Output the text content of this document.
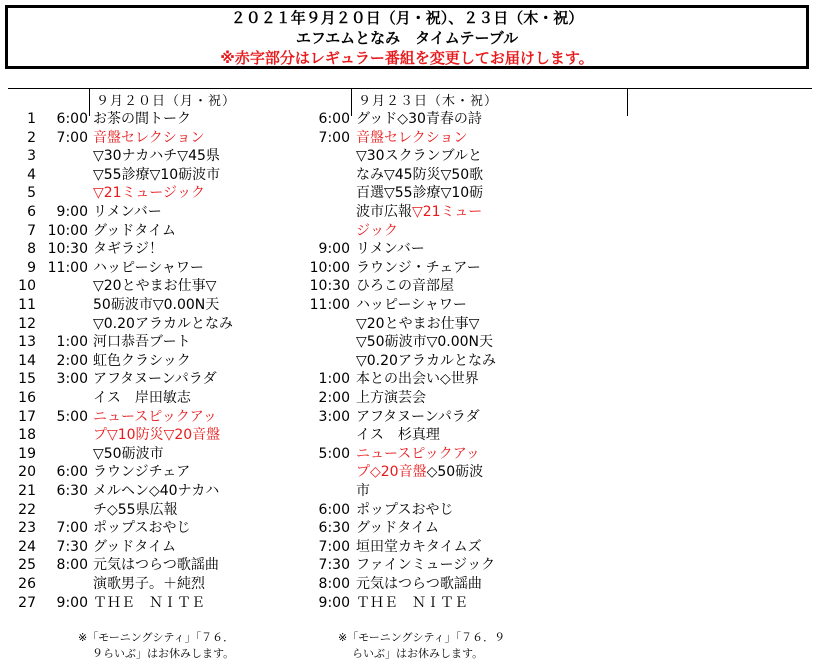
２０２１年９月２０日（月・祝）、２３日（木・祝）
エフエムとなみ　タイムテーブル
※赤字部分はレギュラー番組を変更してお届けします。
９月２０日（月・祝）	９月２３日（木・祝）
1	6:00 お茶の間トーク	6:00 グッド◇30青春の詩
2	7:00 音盤セレクション	7:00 音盤セレクション
3	▽30ナカハチ▽45県	▽30スクランブルと
4	▽55診療▽10砺波市	なみ▽45防災▽50歌
5	▽21ミュージック	百選▽55診療▽10砺
6	9:00 リメンバー	波市広報▽21ミュー
7 10:00 グッドタイム	ジック
8 10:30 タギラジ！	9:00 リメンバー
9 11:00 ハッピーシャワー	10:00 ラウンジ・チェアー
10	▽20とやまお仕事▽	10:30 ひろこの音部屋
11	50砺波市▽0.00N天	11:00 ハッピーシャワー
12	▽0.20アラカルとなみ	▽20とやまお仕事▽
13	1:00 河口恭吾ブート	▽50砺波市▽0.00N天
14	2:00 虹色クラシック	▽0.20アラカルとなみ
15	3:00 アフタヌーンパラダ	1:00 本との出会い◇世界
16	イス　岸田敏志	2:00 上方演芸会
17	5:00 ニュースピックアッ	3:00 アフタヌーンパラダ
18	プ▽10防災▽20音盤	イス　杉真理
19	▽50砺波市	5:00 ニュースピックアッ
20	6:00 ラウンジチェア	プ◇20音盤◇50砺波
21	6:30 メルヘン◇40ナカハ	市
22	チ◇55県広報	6:00 ポップスおやじ
23	7:00 ポップスおやじ	6:30 グッドタイム
24	7:30 グッドタイム	7:00 垣田堂カキタイムズ
25	8:00 元気はつらつ歌謡曲	7:30 ファインミュージック
26	演歌男子。＋純烈	8:00 元気はつらつ歌謡曲
27	9:00 ＴＨＥ　ＮＩＴＥ	9:00 ＴＨＥ　ＮＩＴＥ
※「モーニングシティ」「７６．
９らいぶ」はお休みします。
※「モーニングシティ」「７６．９
らいぶ」はお休みします。
